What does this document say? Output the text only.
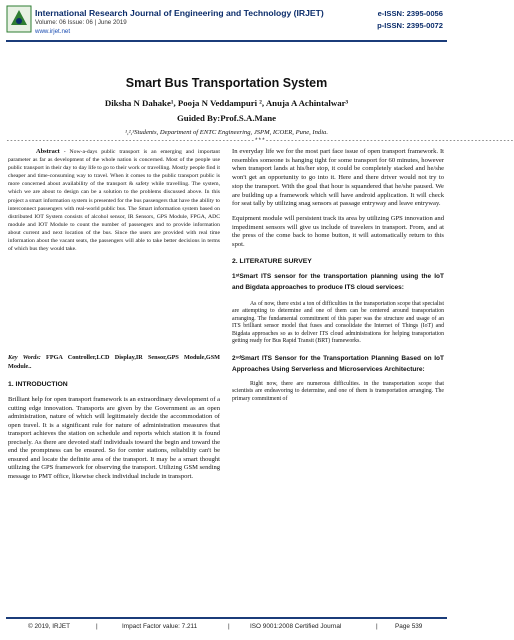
International Research Journal of Engineering and Technology (IRJET)
Volume: 06 Issue: 06 | June 2019
www.irjet.net
e-ISSN: 2395-0056
p-ISSN: 2395-0072
Smart Bus Transportation System
Diksha N Dahake¹, Pooja N Veddampuri ², Anuja A Achintalwar³
Guided By:Prof.S.A.Mane
¹,²,³Students, Department of ENTC Engineering, JSPM, ICOER, Pune, India.
---------------------------------------------------------------------***---------------------------------------------------------------------

Abstract - Now-a-days public transport is an emerging and important parameter as far as development of the whole nation is concerned. Most of the people use public transport in their day to day life to go to their work or travelling. Mostly people find it cheaper and time-consuming way to travel. When it comes to the public transport public is more concerned about availability of the transport & safety while travelling. The system, which we are about to design can be a solution to the problems discussed above. In this project a smart information system is presented for the bus passengers that have the ability to interconnect passengers with real-world public bus. The Smart information system based on distributed IOT System consists of alcohol sensor, IR Sensors, GPS Module, FPGA, ADC module and IOT Module to count the number of passengers and to provide information about current and next location of the bus. Since the users are provided with real time information about the vacant seats, the passengers will able to take better decisions in terms of which bus they would take.

Key Words: FPGA Controller,LCD Display,IR Sensor,GPS Module,GSM Module..

1. INTRODUCTION

Brilliant help for open transport framework is an extraordinary development of a cutting edge innovation. Transports are given by the Government as an open administration, nature of which will legitimately decide the accommodation of open travel. It is a significant rule for nature of administration measures that transport achieves the station on schedule and reports which station it is found precisely. As there are devoted staff individuals toward the begin and toward the end the promptness can be ensured. So for center stations, reliability can't be ensured and locate the definite area of the transport. It may be a smart thought utilizing the GPS framework for observing the transport. Utilizing GSM sending message to PMT office, likewise check individual include in transport.

In everyday life we for the most part face issue of open transport framework. It resembles someone is hanging tight for some transport for 60 minutes, however when transport lands at his/her stop, it could be completely stacked and he/she won't get an opportunity to go into it. Here and there driver would not try to stop the transport. With the goal that hour is squandered that he/she paused. We are building up a framework which will have android application. It will check for seat tally by utilizing snag sensors at passage entryway and leave entryway.

Equipment module will persistent track its area by utilizing GPS innovation and impediment sensors will give us include of travelers in transport. From, and at the press of the come back to home button, it will automatically return to this spot.

2. LITERATURE SURVEY

1ˢᵗSmart ITS sensor for the transportation planning using the IoT and Bigdata approaches to produce ITS cloud services:

As of now, there exist a ton of difficulties in the transportation scope that specialist are attempting to determine and one of them can be centered around transportation arranging. The fundamental commitment of this paper was the structure and usage of an ITS brilliant sensor model that fuses and consolidate the Internet of Things (IoT) and Bigdata approaches so as to deliver ITS cloud administrations for helping transportation getting ready for Bus Rapid Transit (BRT) frameworks.

2ⁿᵈSmart ITS Sensor for the Transportation Planning Based on IoT Approaches Using Serverless and Microservices Architecture:

Right now, there are numerous difficulties. in the transportation scope that scientists are endeavoring to determine, and one of them is transportation arranging. The primary commitment of

© 2019, IRJET	|	Impact Factor value: 7.211	|	ISO 9001:2008 Certified Journal	|	Page 539
